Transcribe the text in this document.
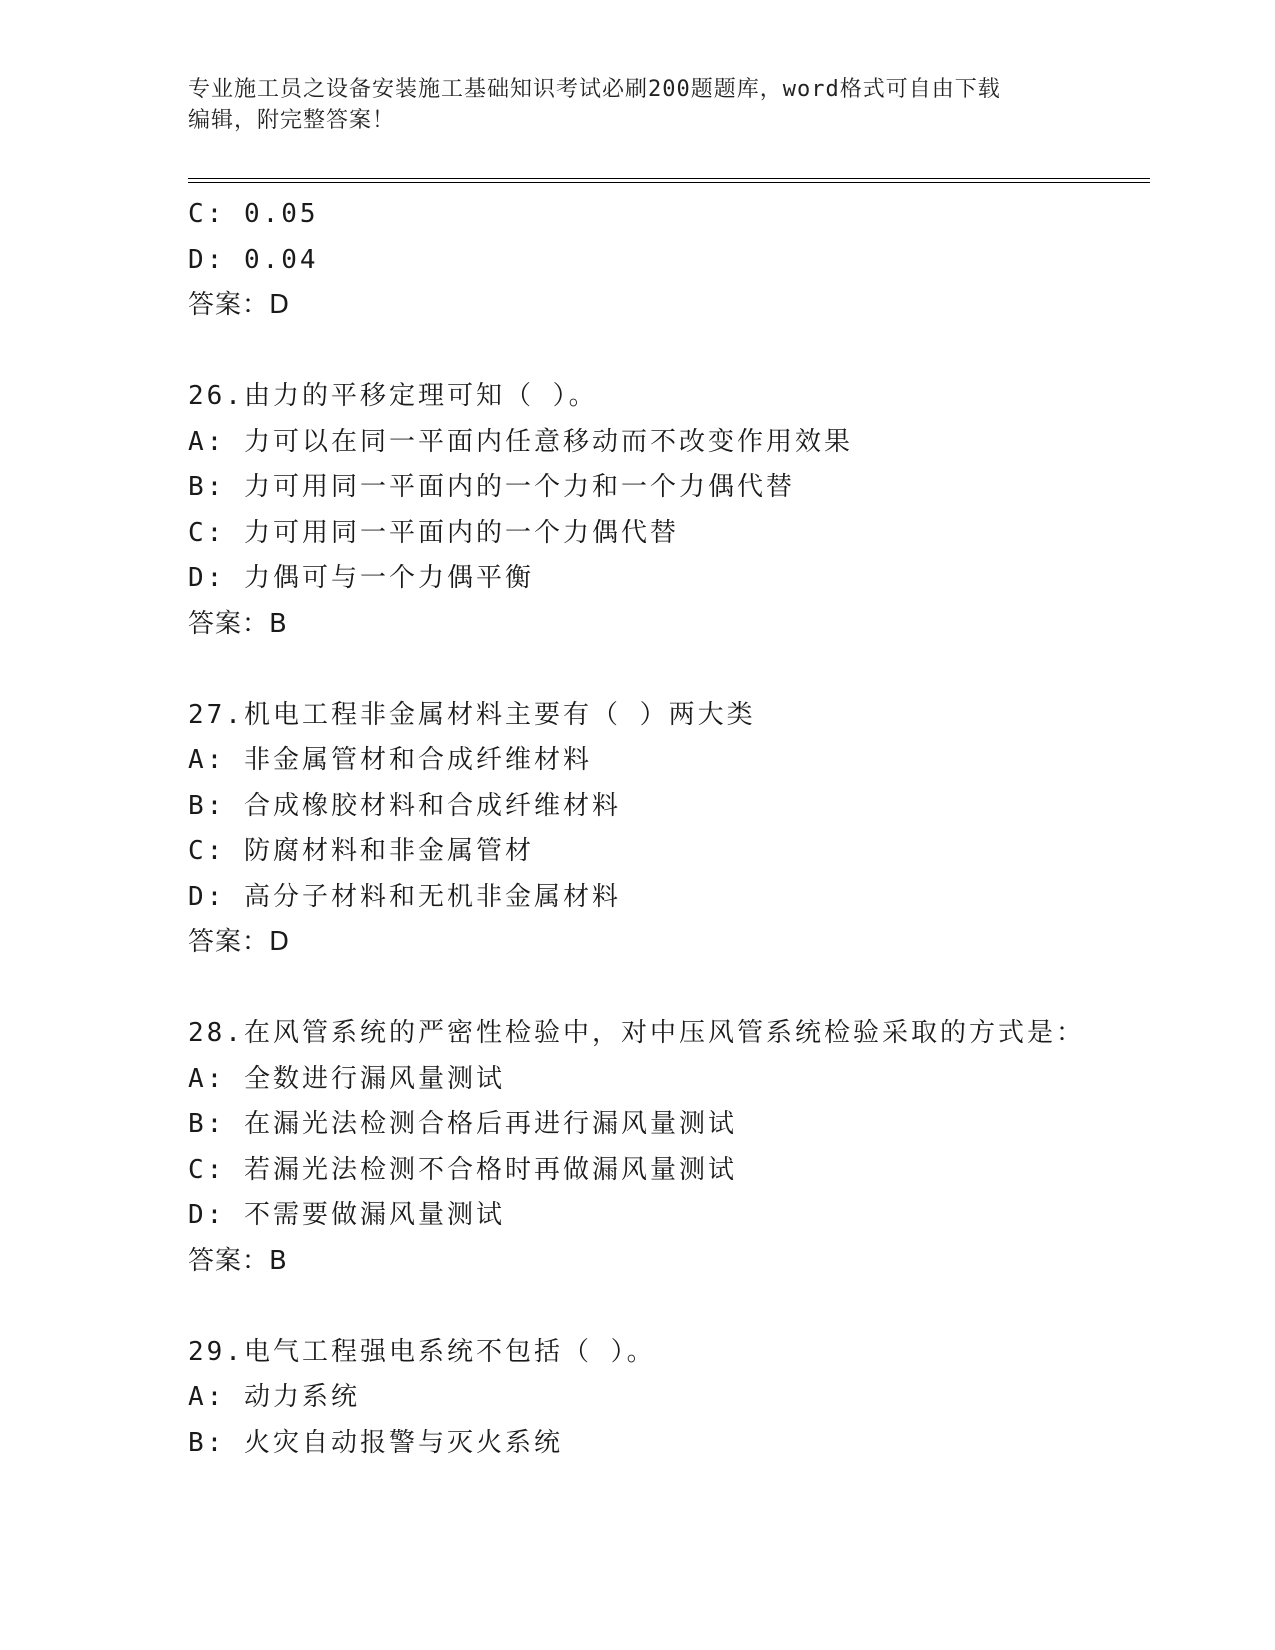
专业施工员之设备安装施工基础知识考试必刷200题题库，word格式可自由下载
编辑，附完整答案！
C: 0.05
D: 0.04
答案：D
26.由力的平移定理可知（ ）。
A: 力可以在同一平面内任意移动而不改变作用效果
B: 力可用同一平面内的一个力和一个力偶代替
C: 力可用同一平面内的一个力偶代替
D: 力偶可与一个力偶平衡
答案：B
27.机电工程非金属材料主要有（ ）两大类
A: 非金属管材和合成纤维材料
B: 合成橡胶材料和合成纤维材料
C: 防腐材料和非金属管材
D: 高分子材料和无机非金属材料
答案：D
28.在风管系统的严密性检验中，对中压风管系统检验采取的方式是：
A: 全数进行漏风量测试
B: 在漏光法检测合格后再进行漏风量测试
C: 若漏光法检测不合格时再做漏风量测试
D: 不需要做漏风量测试
答案：B
29.电气工程强电系统不包括（ ）。
A: 动力系统
B: 火灾自动报警与灭火系统
